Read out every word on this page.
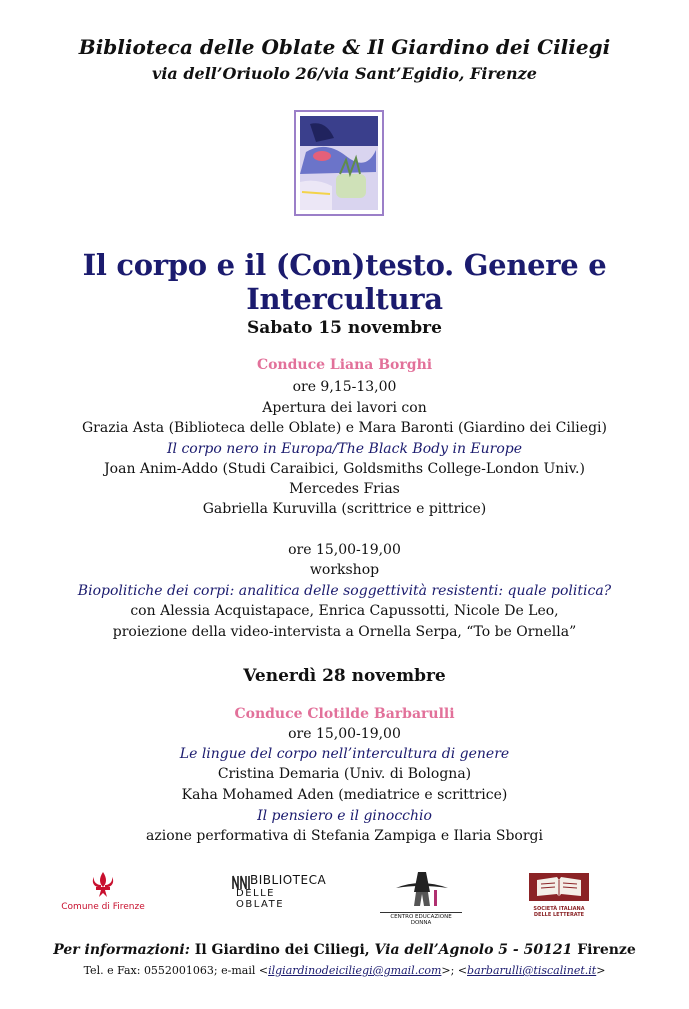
Biblioteca delle Oblate & Il Giardino dei Ciliegi
via dell’Oriuolo 26/via Sant’Egidio, Firenze
Il corpo e il (Con)testo. Genere e Intercultura
Sabato 15 novembre
Conduce Liana Borghi
ore 9,15-13,00
Apertura dei lavori con
Grazia Asta (Biblioteca delle Oblate) e Mara Baronti (Giardino dei Ciliegi)
Il corpo nero in Europa/The Black Body in Europe
Joan Anim-Addo (Studi Caraibici, Goldsmiths College-London Univ.)
Mercedes Frias
Gabriella Kuruvilla (scrittrice e pittrice)
ore 15,00-19,00
workshop
Biopolitiche dei corpi: analitica delle soggettività resistenti: quale politica?
con Alessia Acquistapace, Enrica Capussotti, Nicole De Leo,
proiezione della video-intervista a Ornella Serpa, “To be Ornella”
Venerdì 28 novembre
Conduce Clotilde Barbarulli
ore 15,00-19,00
Le lingue del corpo nell’intercultura di genere
Cristina Demaria (Univ. di Bologna)
Kaha Mohamed Aden (mediatrice e scrittrice)
Il pensiero e il ginocchio
azione performativa di Stefania Zampiga e Ilaria Sborgi
Comune di Firenze
BIBLIOTECA
DELLE
OBLATE
CENTRO EDUCAZIONE DONNA
SOCIETÀ ITALIANA
DELLE LETTERATE
Per informazioni: Il Giardino dei Ciliegi, Via dell’Agnolo 5 - 50121 Firenze
Tel. e Fax: 0552001063; e-mail <ilgiardinodeiciliegi@gmail.com>; <barbarulli@tiscalinet.it>
